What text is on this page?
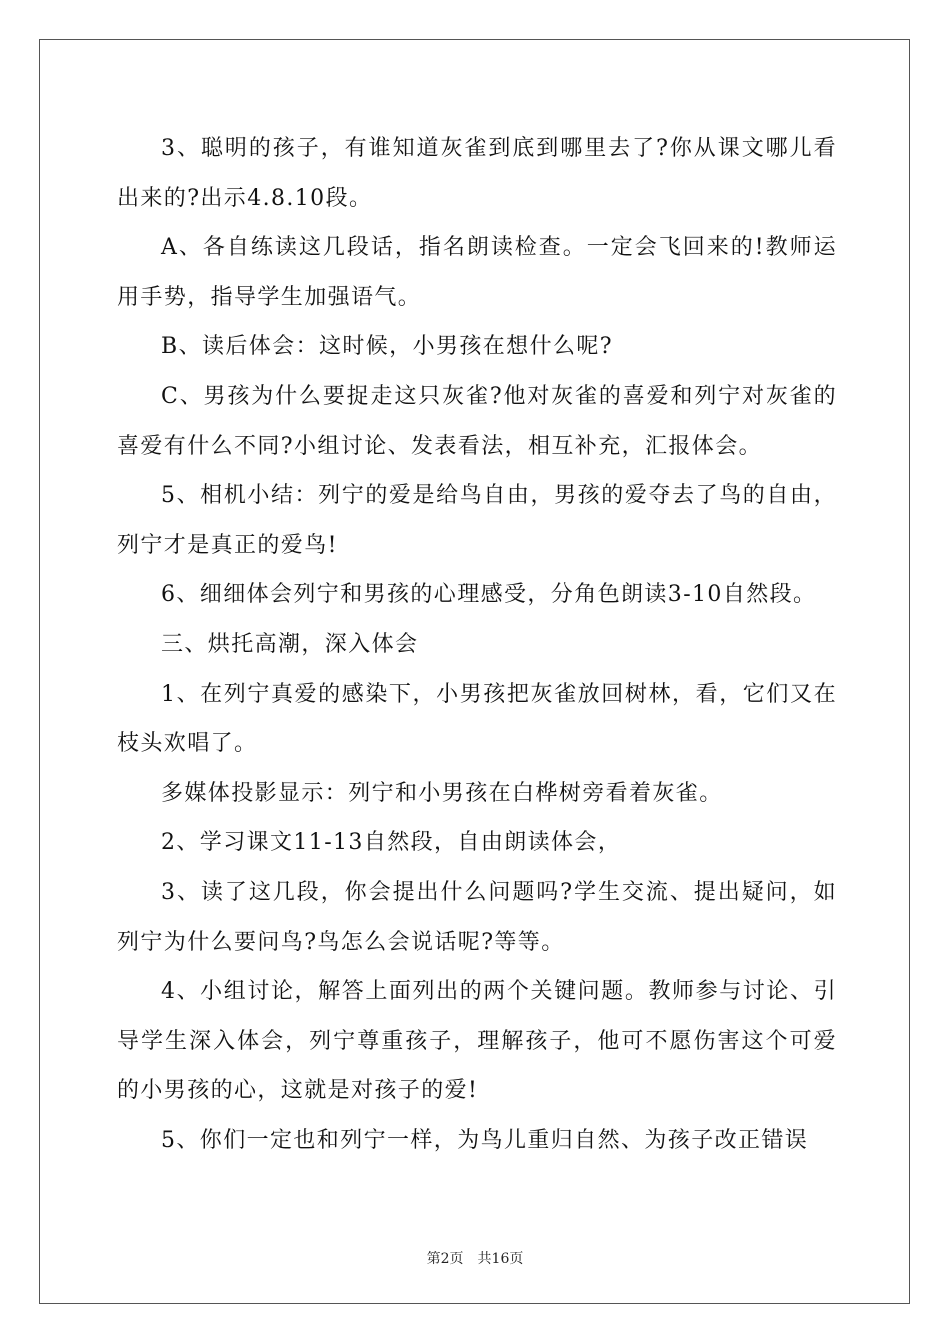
3、聪明的孩子，有谁知道灰雀到底到哪里去了?你从课文哪儿看出来的?出示4.8.10段。

A、各自练读这几段话，指名朗读检查。一定会飞回来的!教师运用手势，指导学生加强语气。

B、读后体会：这时候，小男孩在想什么呢?

C、男孩为什么要捉走这只灰雀?他对灰雀的喜爱和列宁对灰雀的喜爱有什么不同?小组讨论、发表看法，相互补充，汇报体会。

5、相机小结：列宁的爱是给鸟自由，男孩的爱夺去了鸟的自由，列宁才是真正的爱鸟!

6、细细体会列宁和男孩的心理感受，分角色朗读3-10自然段。

三、烘托高潮，深入体会

1、在列宁真爱的感染下，小男孩把灰雀放回树林，看，它们又在枝头欢唱了。

多媒体投影显示：列宁和小男孩在白桦树旁看着灰雀。

2、学习课文11-13自然段，自由朗读体会，

3、读了这几段，你会提出什么问题吗?学生交流、提出疑问，如列宁为什么要问鸟?鸟怎么会说话呢?等等。

4、小组讨论，解答上面列出的两个关键问题。教师参与讨论、引导学生深入体会，列宁尊重孩子，理解孩子，他可不愿伤害这个可爱的小男孩的心，这就是对孩子的爱!

5、你们一定也和列宁一样，为鸟儿重归自然、为孩子改正错误

第2页　共16页
